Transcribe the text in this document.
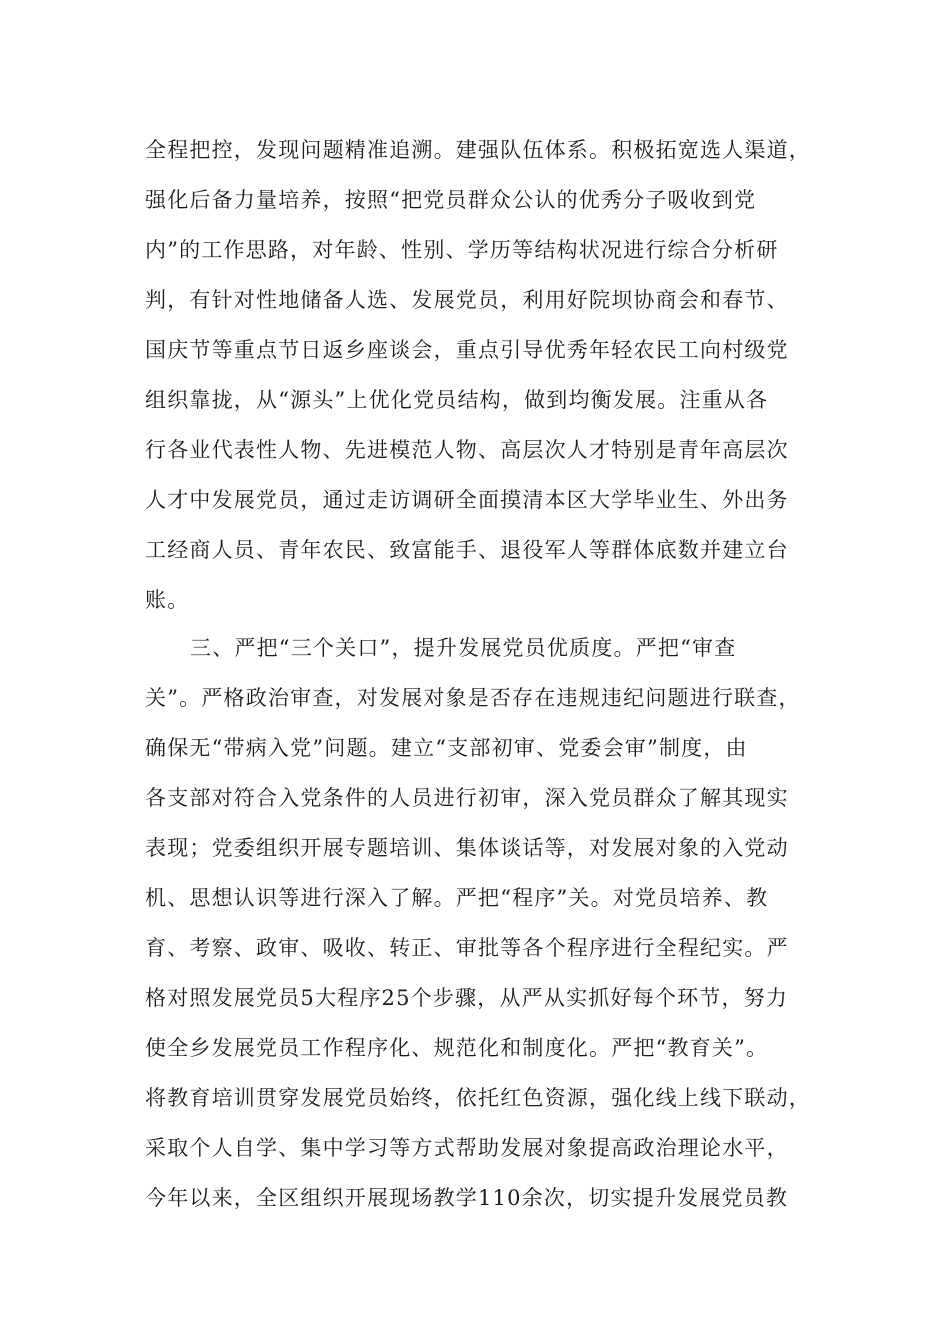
全程把控，发现问题精准追溯。建强队伍体系。积极拓宽选人渠道，
强化后备力量培养，按照“把党员群众公认的优秀分子吸收到党
内”的工作思路，对年龄、性别、学历等结构状况进行综合分析研
判，有针对性地储备人选、发展党员，利用好院坝协商会和春节、
国庆节等重点节日返乡座谈会，重点引导优秀年轻农民工向村级党
组织靠拢，从“源头”上优化党员结构，做到均衡发展。注重从各
行各业代表性人物、先进模范人物、高层次人才特别是青年高层次
人才中发展党员，通过走访调研全面摸清本区大学毕业生、外出务
工经商人员、青年农民、致富能手、退役军人等群体底数并建立台
账。
三、严把“三个关口”，提升发展党员优质度。严把“审查
关”。严格政治审查，对发展对象是否存在违规违纪问题进行联查，
确保无“带病入党”问题。建立“支部初审、党委会审”制度，由
各支部对符合入党条件的人员进行初审，深入党员群众了解其现实
表现；党委组织开展专题培训、集体谈话等，对发展对象的入党动
机、思想认识等进行深入了解。严把“程序”关。对党员培养、教
育、考察、政审、吸收、转正、审批等各个程序进行全程纪实。严
格对照发展党员5大程序25个步骤，从严从实抓好每个环节，努力
使全乡发展党员工作程序化、规范化和制度化。严把“教育关”。
将教育培训贯穿发展党员始终，依托红色资源，强化线上线下联动，
采取个人自学、集中学习等方式帮助发展对象提高政治理论水平，
今年以来，全区组织开展现场教学110余次，切实提升发展党员教
